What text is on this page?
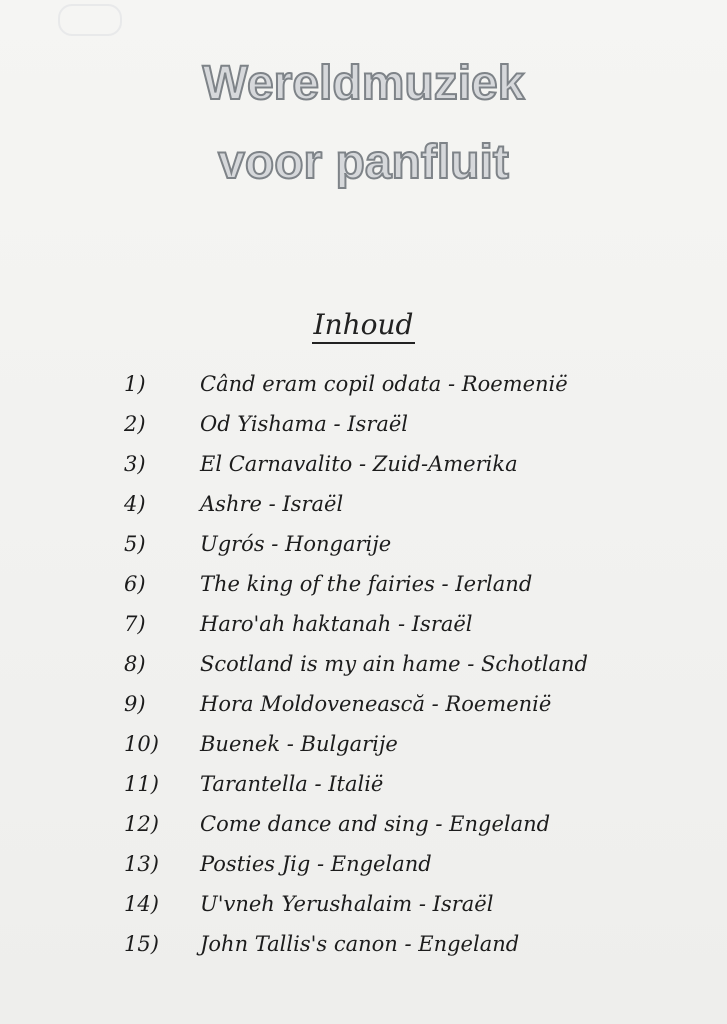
Wereldmuziek
voor panfluit
Inhoud
1)	Când eram copil odata - Roemenië
2)	Od Yishama - Israël
3)	El Carnavalito - Zuid-Amerika
4)	Ashre - Israël
5)	Ugrós - Hongarije
6)	The king of the fairies - Ierland
7)	Haro'ah haktanah - Israël
8)	Scotland is my ain hame - Schotland
9)	Hora Moldovenească - Roemenië
10)	Buenek - Bulgarije
11)	Tarantella - Italië
12)	Come dance and sing - Engeland
13)	Posties Jig - Engeland
14)	U'vneh Yerushalaim - Israël
15)	John Tallis's canon - Engeland
